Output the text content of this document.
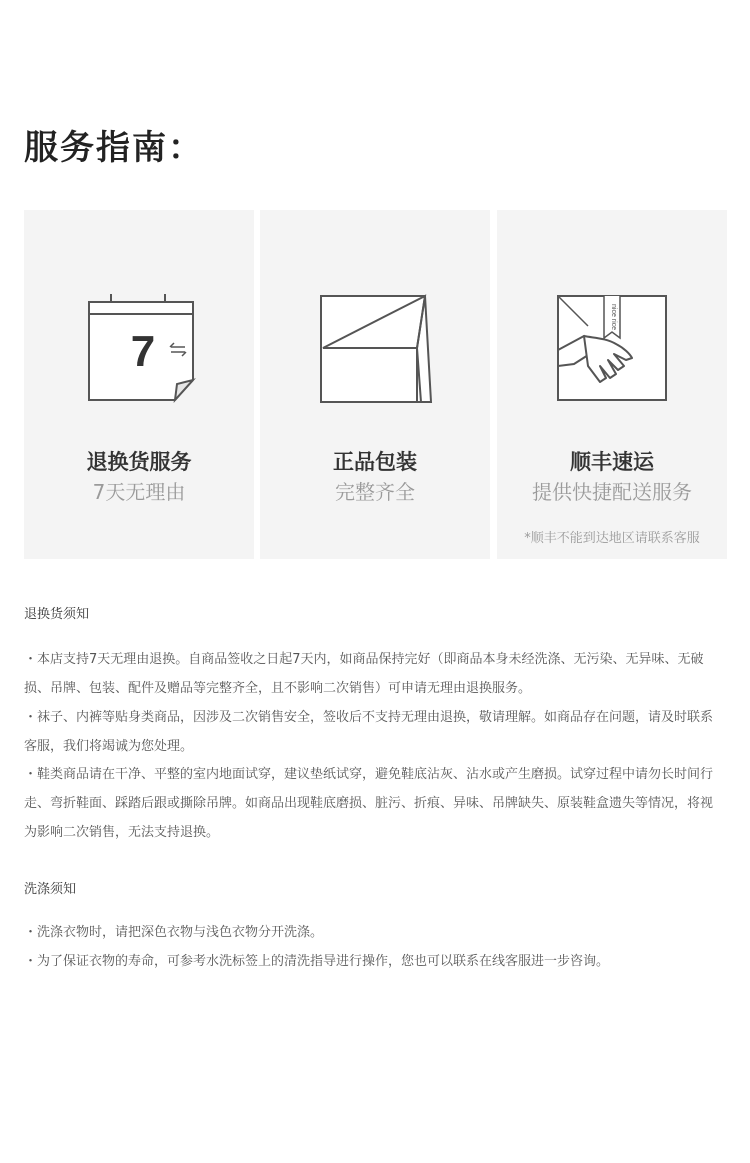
服务指南：
7
退换货服务
7天无理由
正品包装
完整齐全
nice rice
顺丰速运
提供快捷配送服务
*顺丰不能到达地区请联系客服
退换货须知

・本店支持7天无理由退换。自商品签收之日起7天内，如商品保持完好（即商品本身未经洗涤、无污染、无异味、无破损、吊牌、包装、配件及赠品等完整齐全，且不影响二次销售）可申请无理由退换服务。

・袜子、内裤等贴身类商品，因涉及二次销售安全，签收后不支持无理由退换，敬请理解。如商品存在问题，请及时联系客服，我们将竭诚为您处理。

・鞋类商品请在干净、平整的室内地面试穿，建议垫纸试穿，避免鞋底沾灰、沾水或产生磨损。试穿过程中请勿长时间行走、弯折鞋面、踩踏后跟或撕除吊牌。如商品出现鞋底磨损、脏污、折痕、异味、吊牌缺失、原装鞋盒遗失等情况，将视为影响二次销售，无法支持退换。

洗涤须知

・洗涤衣物时，请把深色衣物与浅色衣物分开洗涤。

・为了保证衣物的寿命，可参考水洗标签上的清洗指导进行操作，您也可以联系在线客服进一步咨询。
